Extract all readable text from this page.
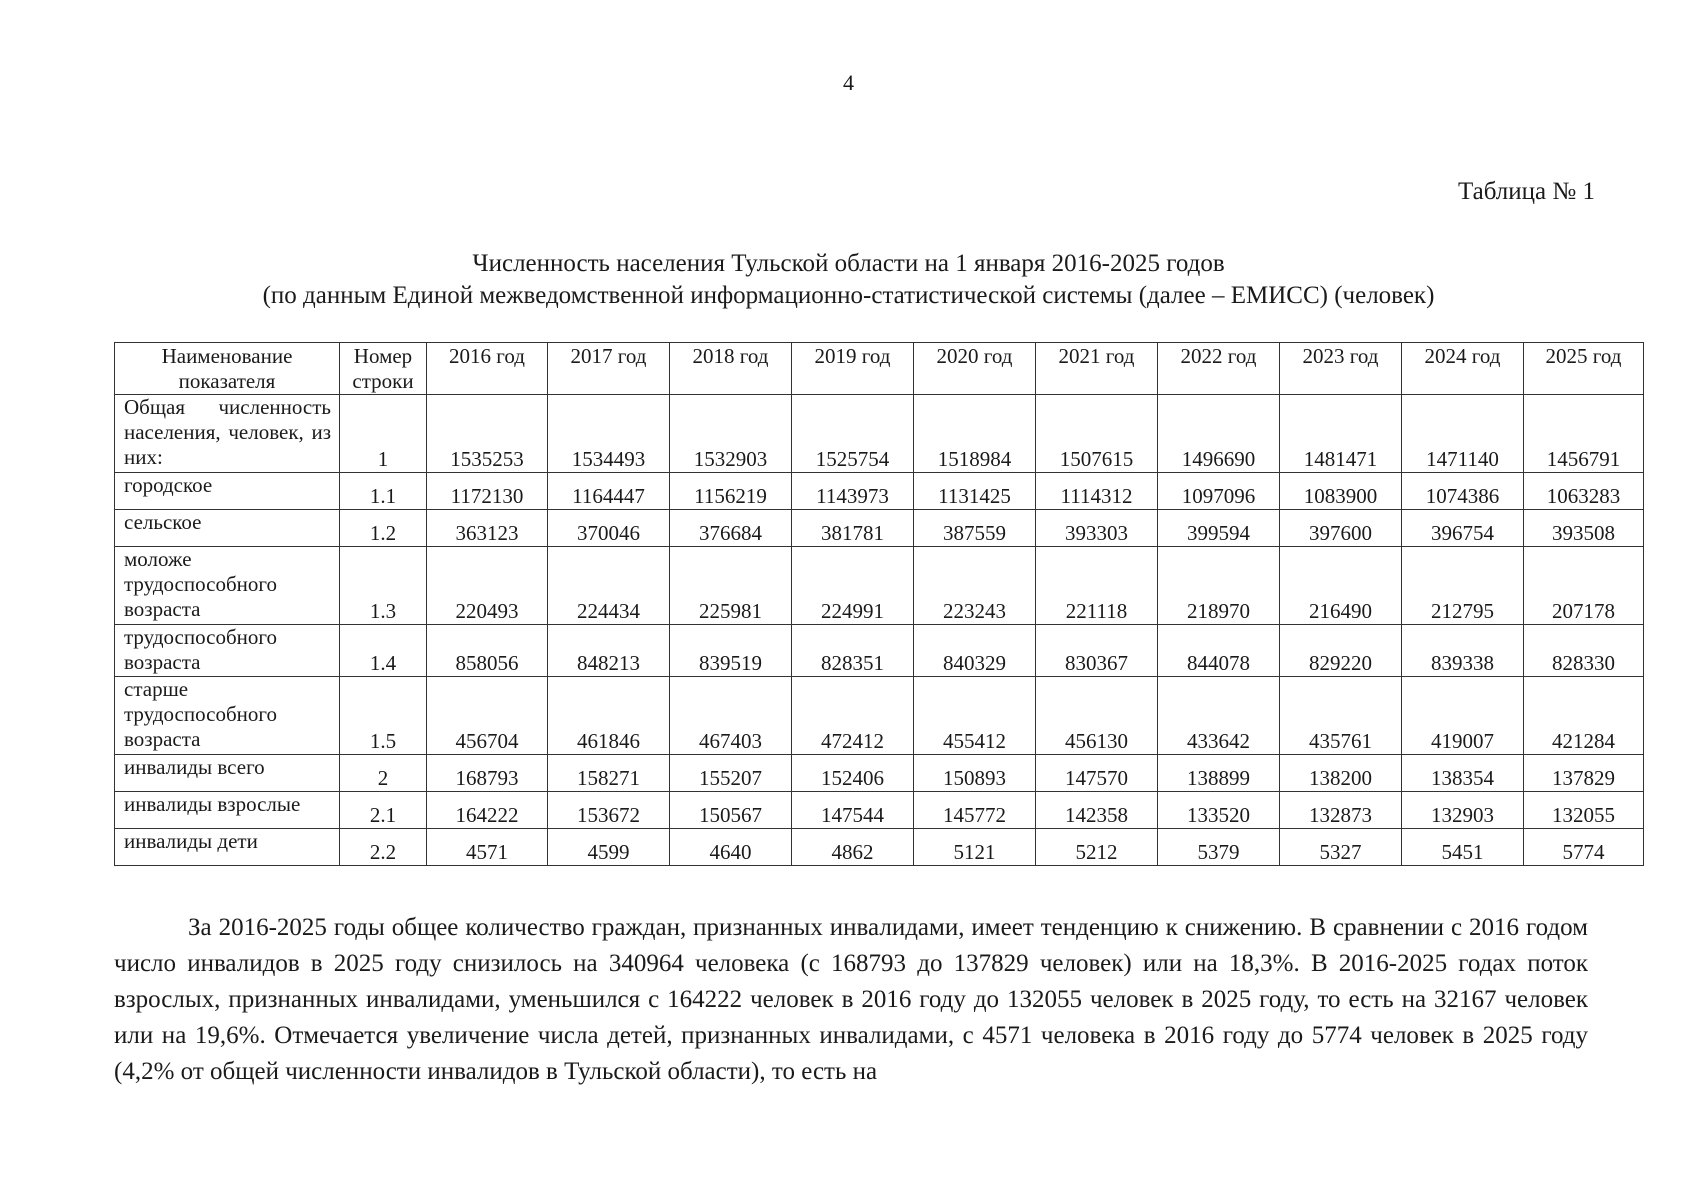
4
Таблица № 1
Численность населения Тульской области на 1 января 2016-2025 годов
(по данным Единой межведомственной информационно-статистической системы (далее – ЕМИСС) (человек)
Наименование показателя	Номер строки	2016 год	2017 год	2018 год	2019 год	2020 год	2021 год	2022 год	2023 год	2024 год	2025 год
Общая численность населения, человек, из них:	1	1535253	1534493	1532903	1525754	1518984	1507615	1496690	1481471	1471140	1456791
городское	1.1	1172130	1164447	1156219	1143973	1131425	1114312	1097096	1083900	1074386	1063283
сельское	1.2	363123	370046	376684	381781	387559	393303	399594	397600	396754	393508
моложе трудоспособного возраста	1.3	220493	224434	225981	224991	223243	221118	218970	216490	212795	207178
трудоспособного возраста	1.4	858056	848213	839519	828351	840329	830367	844078	829220	839338	828330
старше трудоспособного возраста	1.5	456704	461846	467403	472412	455412	456130	433642	435761	419007	421284
инвалиды всего	2	168793	158271	155207	152406	150893	147570	138899	138200	138354	137829
инвалиды взрослые	2.1	164222	153672	150567	147544	145772	142358	133520	132873	132903	132055
инвалиды дети	2.2	4571	4599	4640	4862	5121	5212	5379	5327	5451	5774
За 2016-2025 годы общее количество граждан, признанных инвалидами, имеет тенденцию к снижению. В сравнении с 2016 годом число инвалидов в 2025 году снизилось на 340964 человека (с 168793 до 137829 человек) или на 18,3%. В 2016-2025 годах поток взрослых, признанных инвалидами, уменьшился с 164222 человек в 2016 году до 132055 человек в 2025 году, то есть на 32167 человек или на 19,6%. Отмечается увеличение числа детей, признанных инвалидами, с 4571 человека в 2016 году до 5774 человек в 2025 году (4,2% от общей численности инвалидов в Тульской области), то есть на
